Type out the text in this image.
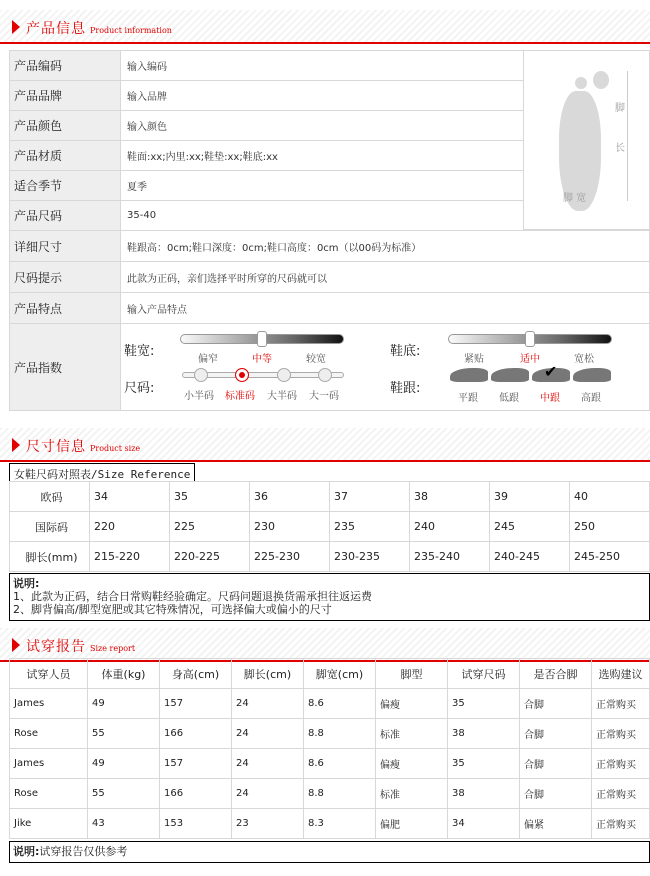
产品信息 Product information
产品编码	输入编码	
产品品牌	输入品牌	
产品颜色	输入颜色	
产品材质	鞋面:xx;内里:xx;鞋垫:xx;鞋底:xx	
适合季节	夏季	
产品尺码	35-40	
详细尺寸	鞋跟高：0cm;鞋口深度：0cm;鞋口高度：0cm（以00码为标准）	
尺码提示	此款为正码，亲们选择平时所穿的尺码就可以	
产品特点	输入产品特点	
产品指数		
脚
长
脚 宽
鞋宽:
偏窄	中等	较宽
鞋底:
紧贴	适中	宽松
尺码:
小半码 标准码 大半码 大一码
鞋跟:
✔
平跟 低跟 中跟 高跟
尺寸信息 Product size
女鞋尺码对照表/Size Reference
欧码	34	35	36	37	38	39	40
国际码	220	225	230	235	240	245	250
脚长(mm)	215-220	220-225	225-230	230-235	235-240	240-245	245-250
说明:
1、此款为正码，结合日常购鞋经验确定。尺码问题退换货需承担往返运费
2、脚背偏高/脚型宽肥或其它特殊情况，可选择偏大或偏小的尺寸
试穿报告 Size report
试穿人员	体重(kg)	身高(cm)	脚长(cm)	脚宽(cm)	脚型	试穿尺码	是否合脚	选购建议
James	49	157	24	8.6	偏瘦	35	合脚	正常购买
Rose	55	166	24	8.8	标准	38	合脚	正常购买
James	49	157	24	8.6	偏瘦	35	合脚	正常购买
Rose	55	166	24	8.8	标准	38	合脚	正常购买
Jike	43	153	23	8.3	偏肥	34	偏紧	正常购买
说明:试穿报告仅供参考
